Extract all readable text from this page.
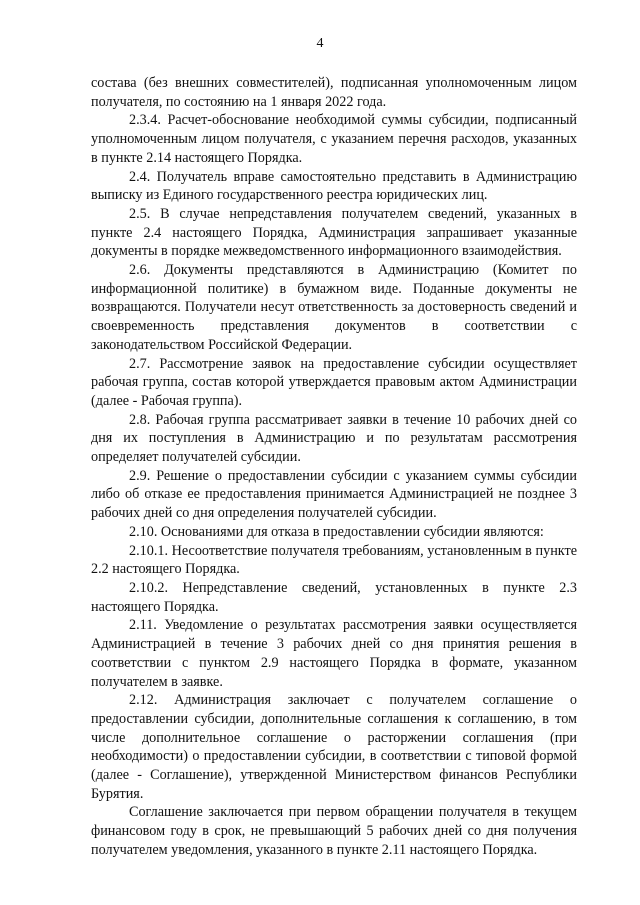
4

состава (без внешних совместителей), подписанная уполномоченным лицом получателя, по состоянию на 1 января 2022 года.

2.3.4. Расчет-обоснование необходимой суммы субсидии, подписанный уполномоченным лицом получателя, с указанием перечня расходов, указанных в пункте 2.14 настоящего Порядка.

2.4. Получатель вправе самостоятельно представить в Администрацию выписку из Единого государственного реестра юридических лиц.

2.5. В случае непредставления получателем сведений, указанных в пункте 2.4 настоящего Порядка, Администрация запрашивает указанные документы в порядке межведомственного информационного взаимодействия.

2.6. Документы представляются в Администрацию (Комитет по информационной политике) в бумажном виде. Поданные документы не возвращаются. Получатели несут ответственность за достоверность сведений и своевременность представления документов в соответствии с законодательством Российской Федерации.

2.7. Рассмотрение заявок на предоставление субсидии осуществляет рабочая группа, состав которой утверждается правовым актом Администрации (далее - Рабочая группа).

2.8. Рабочая группа рассматривает заявки в течение 10 рабочих дней со дня их поступления в Администрацию и по результатам рассмотрения определяет получателей субсидии.

2.9. Решение о предоставлении субсидии с указанием суммы субсидии либо об отказе ее предоставления принимается Администрацией не позднее 3 рабочих дней со дня определения получателей субсидии.

2.10. Основаниями для отказа в предоставлении субсидии являются:

2.10.1. Несоответствие получателя требованиям, установленным в пункте 2.2 настоящего Порядка.

2.10.2. Непредставление сведений, установленных в пункте 2.3 настоящего Порядка.

2.11. Уведомление о результатах рассмотрения заявки осуществляется Администрацией в течение 3 рабочих дней со дня принятия решения в соответствии с пунктом 2.9 настоящего Порядка в формате, указанном получателем в заявке.

2.12. Администрация заключает с получателем соглашение о предоставлении субсидии, дополнительные соглашения к соглашению, в том числе дополнительное соглашение о расторжении соглашения (при необходимости) о предоставлении субсидии, в соответствии с типовой формой (далее - Соглашение), утвержденной Министерством финансов Республики Бурятия.

Соглашение заключается при первом обращении получателя в текущем финансовом году в срок, не превышающий 5 рабочих дней со дня получения получателем уведомления, указанного в пункте 2.11 настоящего Порядка.
